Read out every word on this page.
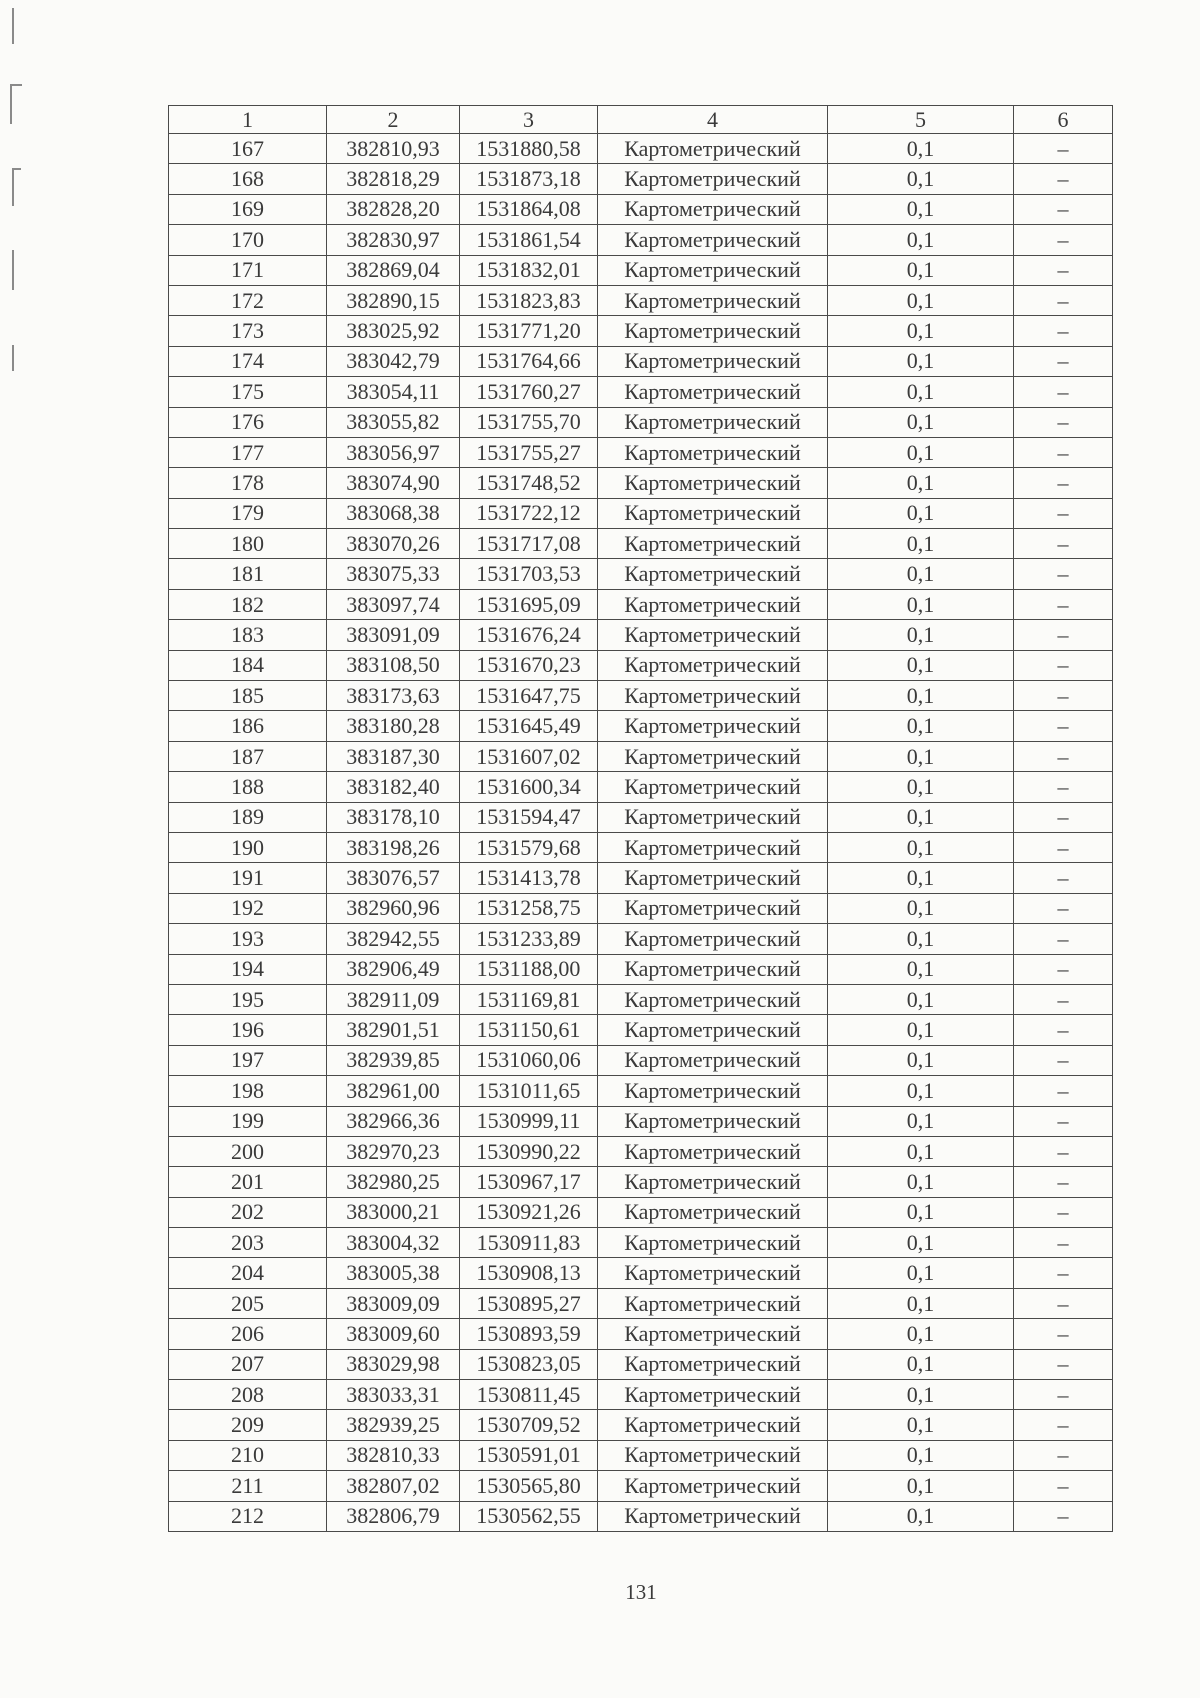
1	2	3	4	5	6
167	382810,93	1531880,58	Картометрический	0,1	–
168	382818,29	1531873,18	Картометрический	0,1	–
169	382828,20	1531864,08	Картометрический	0,1	–
170	382830,97	1531861,54	Картометрический	0,1	–
171	382869,04	1531832,01	Картометрический	0,1	–
172	382890,15	1531823,83	Картометрический	0,1	–
173	383025,92	1531771,20	Картометрический	0,1	–
174	383042,79	1531764,66	Картометрический	0,1	–
175	383054,11	1531760,27	Картометрический	0,1	–
176	383055,82	1531755,70	Картометрический	0,1	–
177	383056,97	1531755,27	Картометрический	0,1	–
178	383074,90	1531748,52	Картометрический	0,1	–
179	383068,38	1531722,12	Картометрический	0,1	–
180	383070,26	1531717,08	Картометрический	0,1	–
181	383075,33	1531703,53	Картометрический	0,1	–
182	383097,74	1531695,09	Картометрический	0,1	–
183	383091,09	1531676,24	Картометрический	0,1	–
184	383108,50	1531670,23	Картометрический	0,1	–
185	383173,63	1531647,75	Картометрический	0,1	–
186	383180,28	1531645,49	Картометрический	0,1	–
187	383187,30	1531607,02	Картометрический	0,1	–
188	383182,40	1531600,34	Картометрический	0,1	–
189	383178,10	1531594,47	Картометрический	0,1	–
190	383198,26	1531579,68	Картометрический	0,1	–
191	383076,57	1531413,78	Картометрический	0,1	–
192	382960,96	1531258,75	Картометрический	0,1	–
193	382942,55	1531233,89	Картометрический	0,1	–
194	382906,49	1531188,00	Картометрический	0,1	–
195	382911,09	1531169,81	Картометрический	0,1	–
196	382901,51	1531150,61	Картометрический	0,1	–
197	382939,85	1531060,06	Картометрический	0,1	–
198	382961,00	1531011,65	Картометрический	0,1	–
199	382966,36	1530999,11	Картометрический	0,1	–
200	382970,23	1530990,22	Картометрический	0,1	–
201	382980,25	1530967,17	Картометрический	0,1	–
202	383000,21	1530921,26	Картометрический	0,1	–
203	383004,32	1530911,83	Картометрический	0,1	–
204	383005,38	1530908,13	Картометрический	0,1	–
205	383009,09	1530895,27	Картометрический	0,1	–
206	383009,60	1530893,59	Картометрический	0,1	–
207	383029,98	1530823,05	Картометрический	0,1	–
208	383033,31	1530811,45	Картометрический	0,1	–
209	382939,25	1530709,52	Картометрический	0,1	–
210	382810,33	1530591,01	Картометрический	0,1	–
211	382807,02	1530565,80	Картометрический	0,1	–
212	382806,79	1530562,55	Картометрический	0,1	–
131
